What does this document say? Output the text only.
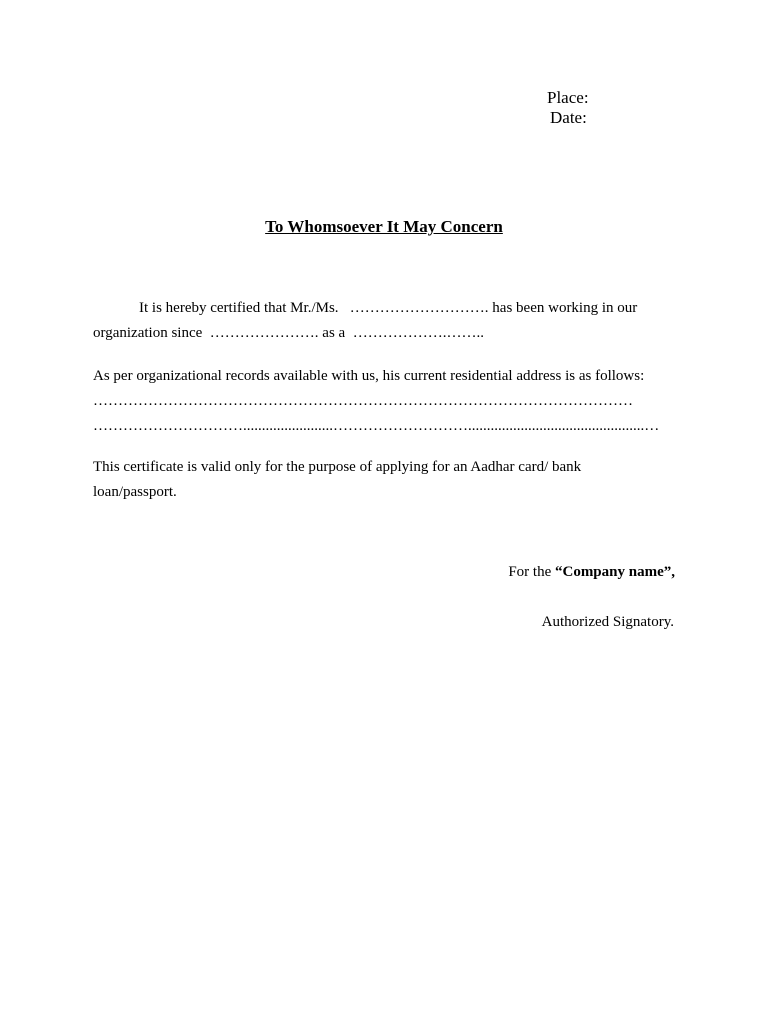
Place:
Date:
To Whomsoever It May Concern
It is hereby certified that Mr./Ms. ………………………. has been working in our
organization since …………………. as a ……………….……..
As per organizational records available with us, his current residential address is as follows:
………………………………………………………………………………………………
…………………………........................………………………...............................................…
This certificate is valid only for the purpose of applying for an Aadhar card/ bank
loan/passport.
For the “Company name”,
Authorized Signatory.
